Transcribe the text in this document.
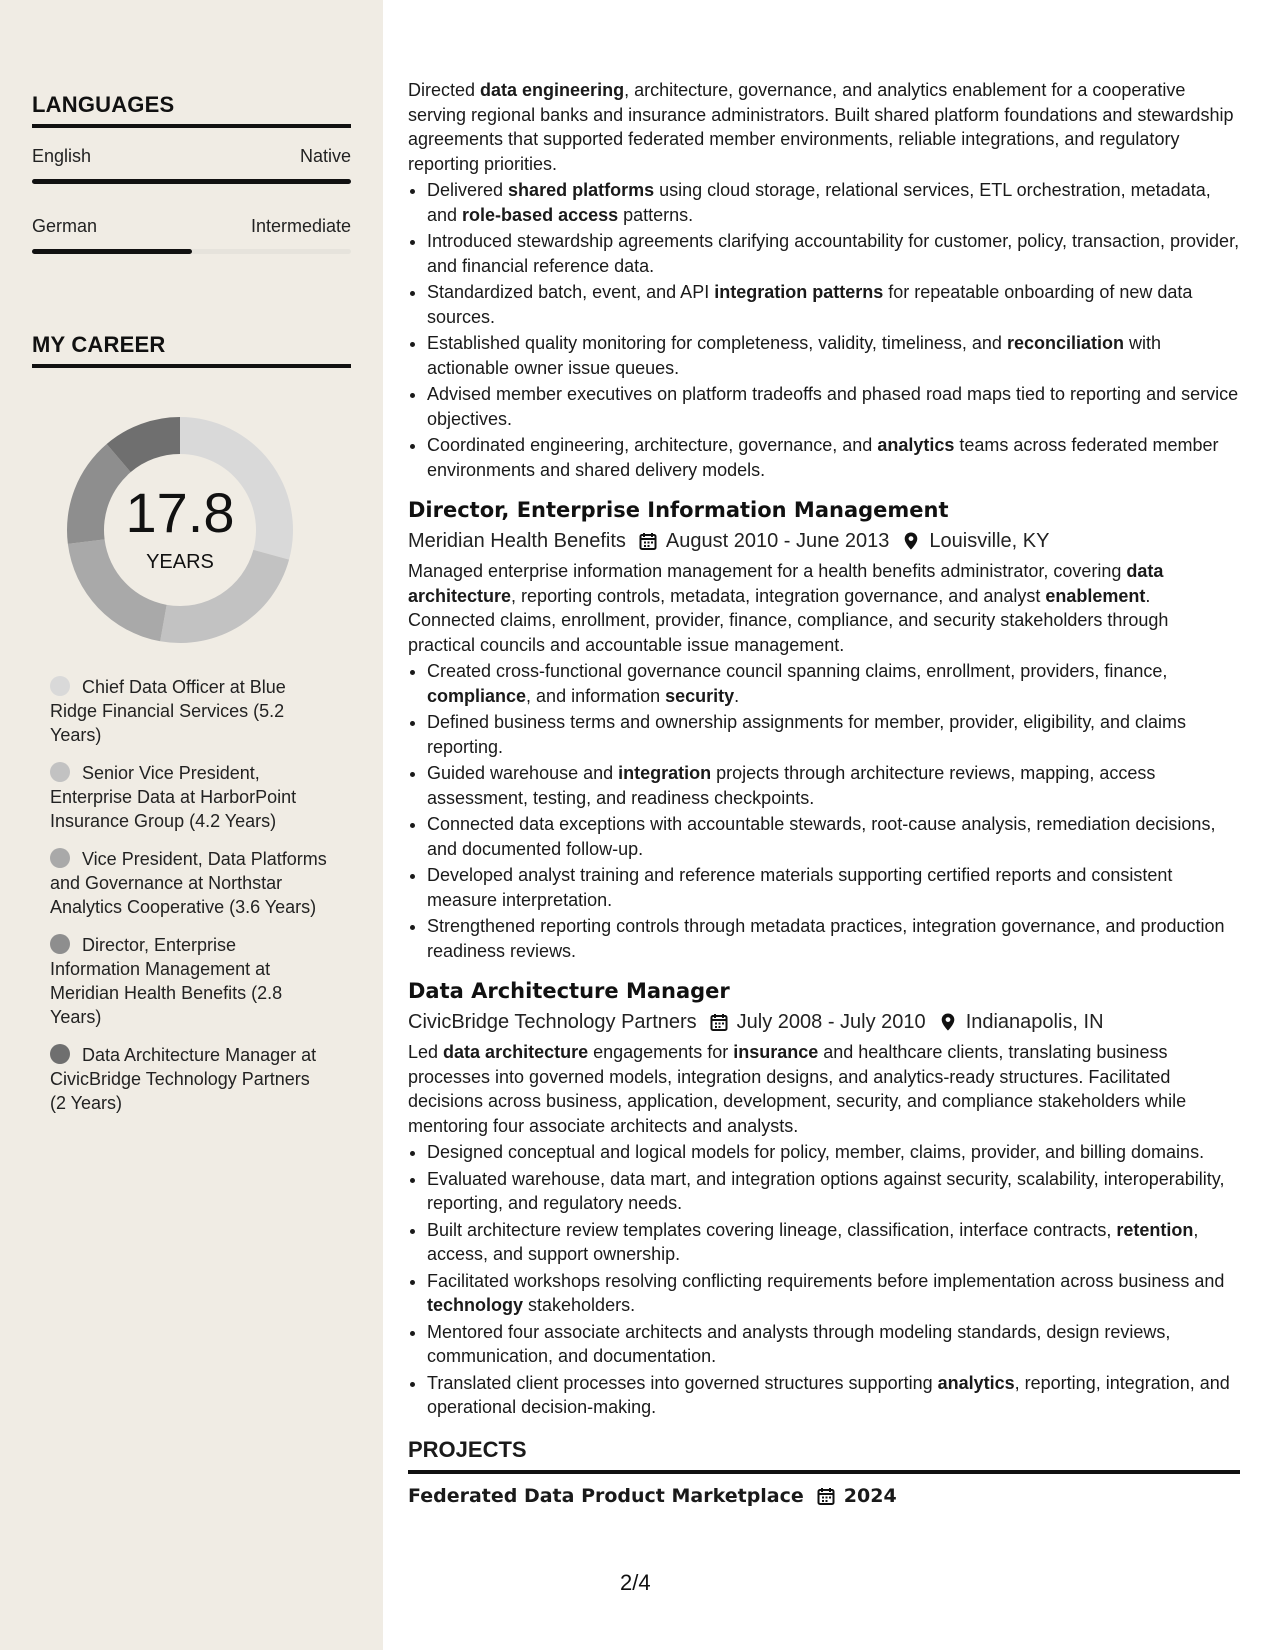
LANGUAGES
English	Native
German	Intermediate
MY CAREER
17.8
YEARS
Chief Data Officer at Blue Ridge Financial Services (5.2 Years)
Senior Vice President, Enterprise Data at HarborPoint Insurance Group (4.2 Years)
Vice President, Data Platforms and Governance at Northstar Analytics Cooperative (3.6 Years)
Director, Enterprise Information Management at Meridian Health Benefits (2.8 Years)
Data Architecture Manager at CivicBridge Technology Partners (2 Years)

Directed data engineering, architecture, governance, and analytics enablement for a cooperative serving regional banks and insurance administrators. Built shared platform foundations and stewardship agreements that supported federated member environments, reliable integrations, and regulatory reporting priorities.

• Delivered shared platforms using cloud storage, relational services, ETL orchestration, metadata, and role-based access patterns.
• Introduced stewardship agreements clarifying accountability for customer, policy, transaction, provider, and financial reference data.
• Standardized batch, event, and API integration patterns for repeatable onboarding of new data sources.
• Established quality monitoring for completeness, validity, timeliness, and reconciliation with actionable owner issue queues.
• Advised member executives on platform tradeoffs and phased road maps tied to reporting and service objectives.
• Coordinated engineering, architecture, governance, and analytics teams across federated member environments and shared delivery models.
Director, Enterprise Information Management
Meridian Health Benefits August 2010 - June 2013 Louisville, KY

Managed enterprise information management for a health benefits administrator, covering data architecture, reporting controls, metadata, integration governance, and analyst enablement. Connected claims, enrollment, provider, finance, compliance, and security stakeholders through practical councils and accountable issue management.

• Created cross-functional governance council spanning claims, enrollment, providers, finance, compliance, and information security.
• Defined business terms and ownership assignments for member, provider, eligibility, and claims reporting.
• Guided warehouse and integration projects through architecture reviews, mapping, access assessment, testing, and readiness checkpoints.
• Connected data exceptions with accountable stewards, root-cause analysis, remediation decisions, and documented follow-up.
• Developed analyst training and reference materials supporting certified reports and consistent measure interpretation.
• Strengthened reporting controls through metadata practices, integration governance, and production readiness reviews.
Data Architecture Manager
CivicBridge Technology Partners July 2008 - July 2010 Indianapolis, IN

Led data architecture engagements for insurance and healthcare clients, translating business processes into governed models, integration designs, and analytics-ready structures. Facilitated decisions across business, application, development, security, and compliance stakeholders while mentoring four associate architects and analysts.

• Designed conceptual and logical models for policy, member, claims, provider, and billing domains.
• Evaluated warehouse, data mart, and integration options against security, scalability, interoperability, reporting, and regulatory needs.
• Built architecture review templates covering lineage, classification, interface contracts, retention, access, and support ownership.
• Facilitated workshops resolving conflicting requirements before implementation across business and technology stakeholders.
• Mentored four associate architects and analysts through modeling standards, design reviews, communication, and documentation.
• Translated client processes into governed structures supporting analytics, reporting, integration, and operational decision-making.
PROJECTS
Federated Data Product Marketplace 2024
2/4
